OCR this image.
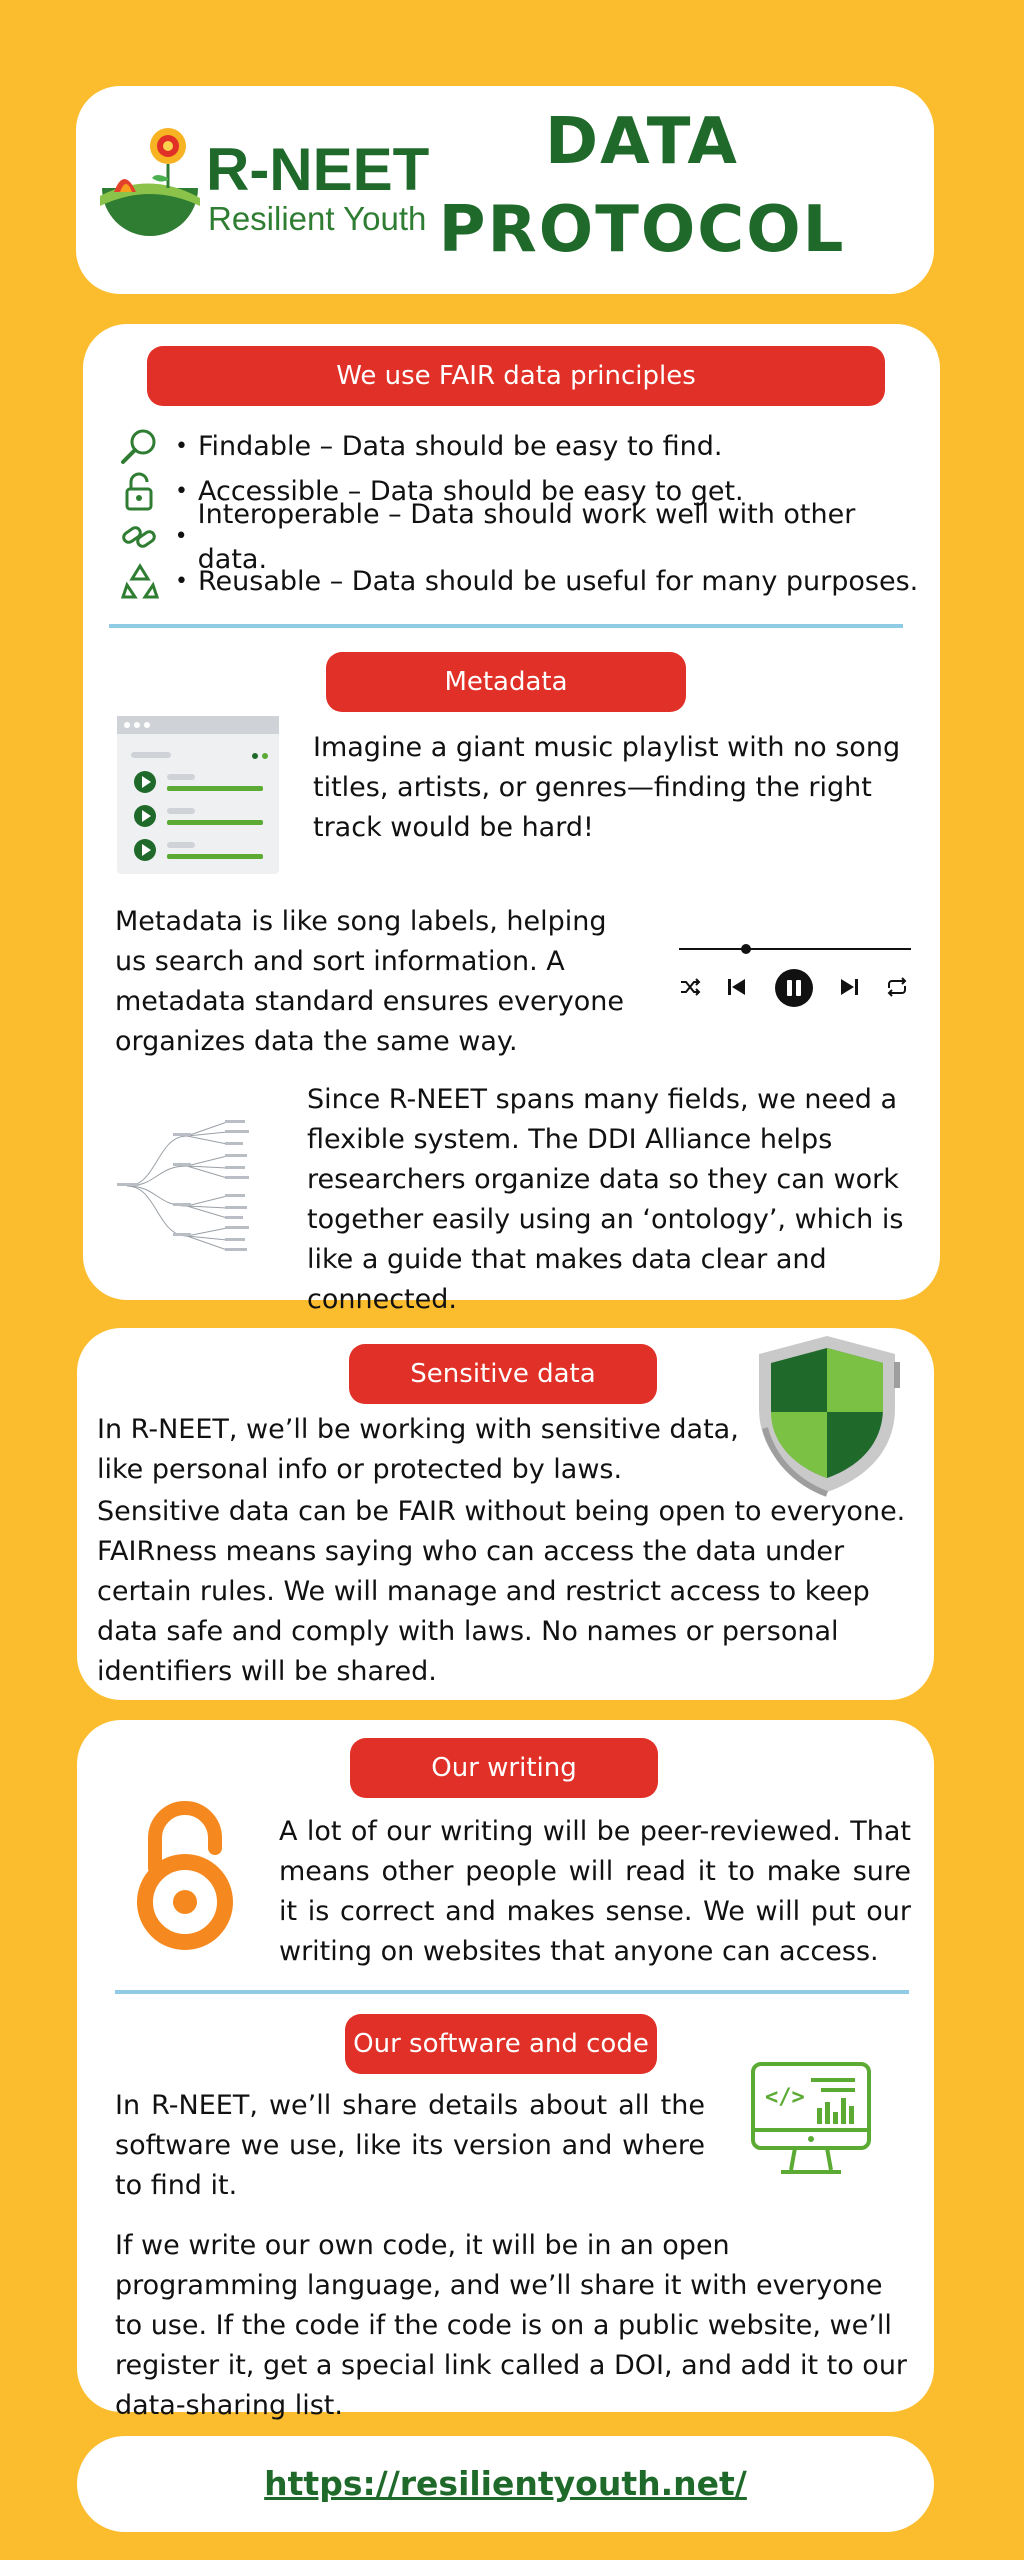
R-NEET
Resilient Youth
DATA
PROTOCOL
We use FAIR data principles
• Findable – Data should be easy to find.
• Accessible – Data should be easy to get.
•
Interoperable – Data should work well with other data.
• Reusable – Data should be useful for many purposes.
Metadata
Imagine a giant music playlist with no song titles, artists, or genres—finding the right track would be hard!
Metadata is like song labels, helping us search and sort information. A metadata standard ensures everyone organizes data the same way.
Since R-NEET spans many fields, we need a flexible system. The DDI Alliance helps researchers organize data so they can work together easily using an ‘ontology’, which is like a guide that makes data clear and connected.
Sensitive data
In R-NEET, we’ll be working with sensitive data, like personal info or protected by laws.
Sensitive data can be FAIR without being open to everyone. FAIRness means saying who can access the data under certain rules. We will manage and restrict access to keep data safe and comply with laws. No names or personal identifiers will be shared.
Our writing
A lot of our writing will be peer-reviewed. That means other people will read it to make sure it is correct and makes sense. We will put our writing on websites that anyone can access.
Our software and code
</>
In R-NEET, we’ll share details about all the software we use, like its version and where to find it.
If we write our own code, it will be in an open programming language, and we’ll share it with everyone to use. If the code if the code is on a public website, we’ll register it, get a special link called a DOI, and add it to our data-sharing list.
https://resilientyouth.net/
